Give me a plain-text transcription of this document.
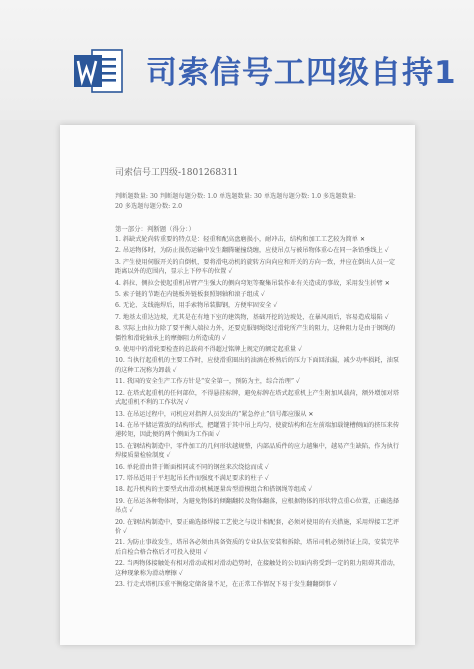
司索信号工四级自持1
司索信号工四级-1801268311
判断题数量: 30 判断题每题分数: 1.0 单选题数量: 30 单选题每题分数: 1.0 多选题数量:
20 多选题每题分数: 2.0
第一部分：判断题（得分：）
1. 斜缺式轮尚转重要的特点是：轻重和配高盘磨损小，耐冲击，结构和加工工艺较为简单 ✕
2. 吊运物体时，为防止损伤运输中发生翻腾碰撞绕缠，应使吊点与被吊物体重心在同一条铅垂线上 ✓
3. 产生使用伺服开关的自倒机，要将滑电动机的旋转方向向应和开关的方向一致，并应在倒出人员一定距离以外的范围内，显示上下停车的位置 ✓
4. 斜拉、侧拉会使起重机吊臂产生强大的侧向弯矩等聚集吊装作业有关造成的事故，采用发生折臂 ✕
5. 索子链的节距在内链板外链板套照钢轴和滚子组成 ✓
6. 无论、支线施焊后，用手索物吊装脚钢，方便牢固安全 ✓
7. 地基太重达边坡，尤其是在有地下室的建筑物，基础开挖的边坡处，在暴风雨后，容易造成塌陷 ✓
8. 实际上由拉力除了要平衡人端拉力外，还要克服钢绳绕过滑轮所产生的阻力，这种阻力是由于钢绳的僵性和滑轮轴承上的摩擦阻力所造成的 ✓
9. 使用中的滑轮要检查的总载荷不得超过铭牌上规定的额定起重量 ✓
10. 当执行起重机的主要工作时，应使滑重圈出的油滴在桥熟后的压力下面回油漏，减少功率损耗，油泵的这种工况称为卸载 ✓
11. 我国的安全生产工作方针是“安全第一，预防为主，综合治理” ✓
12. 在塔式起重机的任何部位，不得悬挂标牌，避免标牌在塔式起重机上产生附加风载荷，额外增加对塔式起重机不利的工作状况 ✓
13. 在吊运过程中，司机应对指挥人员发出的“紧急停止”信号都应服从 ✕
14. 在吊平储运置放的结构形式，把罐置于其中吊上均匀，使旋结构和在左前端加载键槽侧面的挤压来传递转矩，因此便的两个侧面为工作面 ✓
15. 在钢结构制造中，零件加工的几何形状越规整，内部品质件的应力越集中，越易产生缺陷，作为执行焊接质量检验制度 ✓
16. 单轮滑由普于断面相同或不同的钢丝来次绕捻而成 ✓
17. 塔吊适用于平坦起吊长件而强度不满足要求的柱子 ✓
18. 起升机构的主要型式由滑动机械逐量齿型滑模组合和搭钢绳等组成 ✓
19. 在吊运各种物体时，为避免物体的倾翻翻转及物体翻落，应根据物体的形状特点重心位置，正确选择吊点 ✓
20. 在钢结构制造中，要正确选择焊接工艺使之与设计相配套，必须对使用的有关措施，采用焊接工艺评价 ✓
21. 为防止事故发生，塔吊各必须由具备资质的专业队伍安装和拆除，塔吊司机必须持证上岗，安装完毕后自检合格合格后才可投入使用 ✓
22. 当两物体接触处有相对滑动或相对滑动趋势时，在接触处的公切面内将受到一定的阻力阻碍其滑动，这种现象称为滑动摩擦 ✓
23. 行走式塔机压重平衡稳定储备量不足，在正常工作情况下易于发生翻翻倒事 ✓
